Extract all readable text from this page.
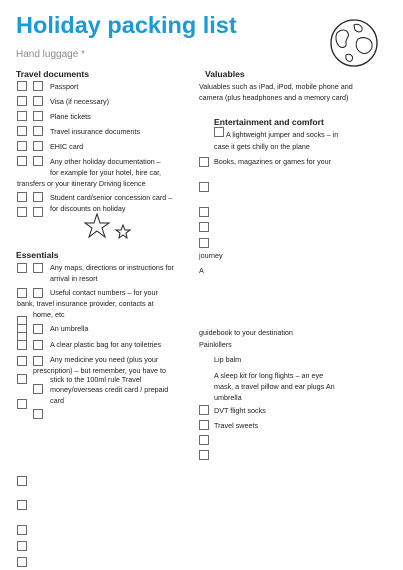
Holiday packing list
Hand luggage *
Travel documents
Passport
Visa (if necessary)
Plane tickets
Travel insurance documents
EHIC card
Any other holiday documentation –
for example for your hotel, hire car,
transfers or your itinerary Driving licence
Student card/senior concession card –
for discounts on holiday
Essentials
Any maps, directions or instructions for
arrival in resort
Useful contact numbers – for your
bank, travel insurance provider, contacts at
home, etc
An umbrella
A clear plastic bag for any toiletries
Any medicine you need (plus your
prescription) – but remember, you have to
stick to the 100ml rule Travel
money/overseas credit card / prepaid
card
Valuables
Valuables such as iPad, iPod, mobile phone and
camera (plus headphones and a memory card)
Entertainment and comfort
A lightweight jumper and socks – in
case it gets chilly on the plane
Books, magazines or games for your
journey
A
guidebook to your destination
Painkillers
Lip balm
A sleep kit for long flights – an eye
mask, a travel pillow and ear plugs An
umbrella
DVT flight socks
Travel sweets
